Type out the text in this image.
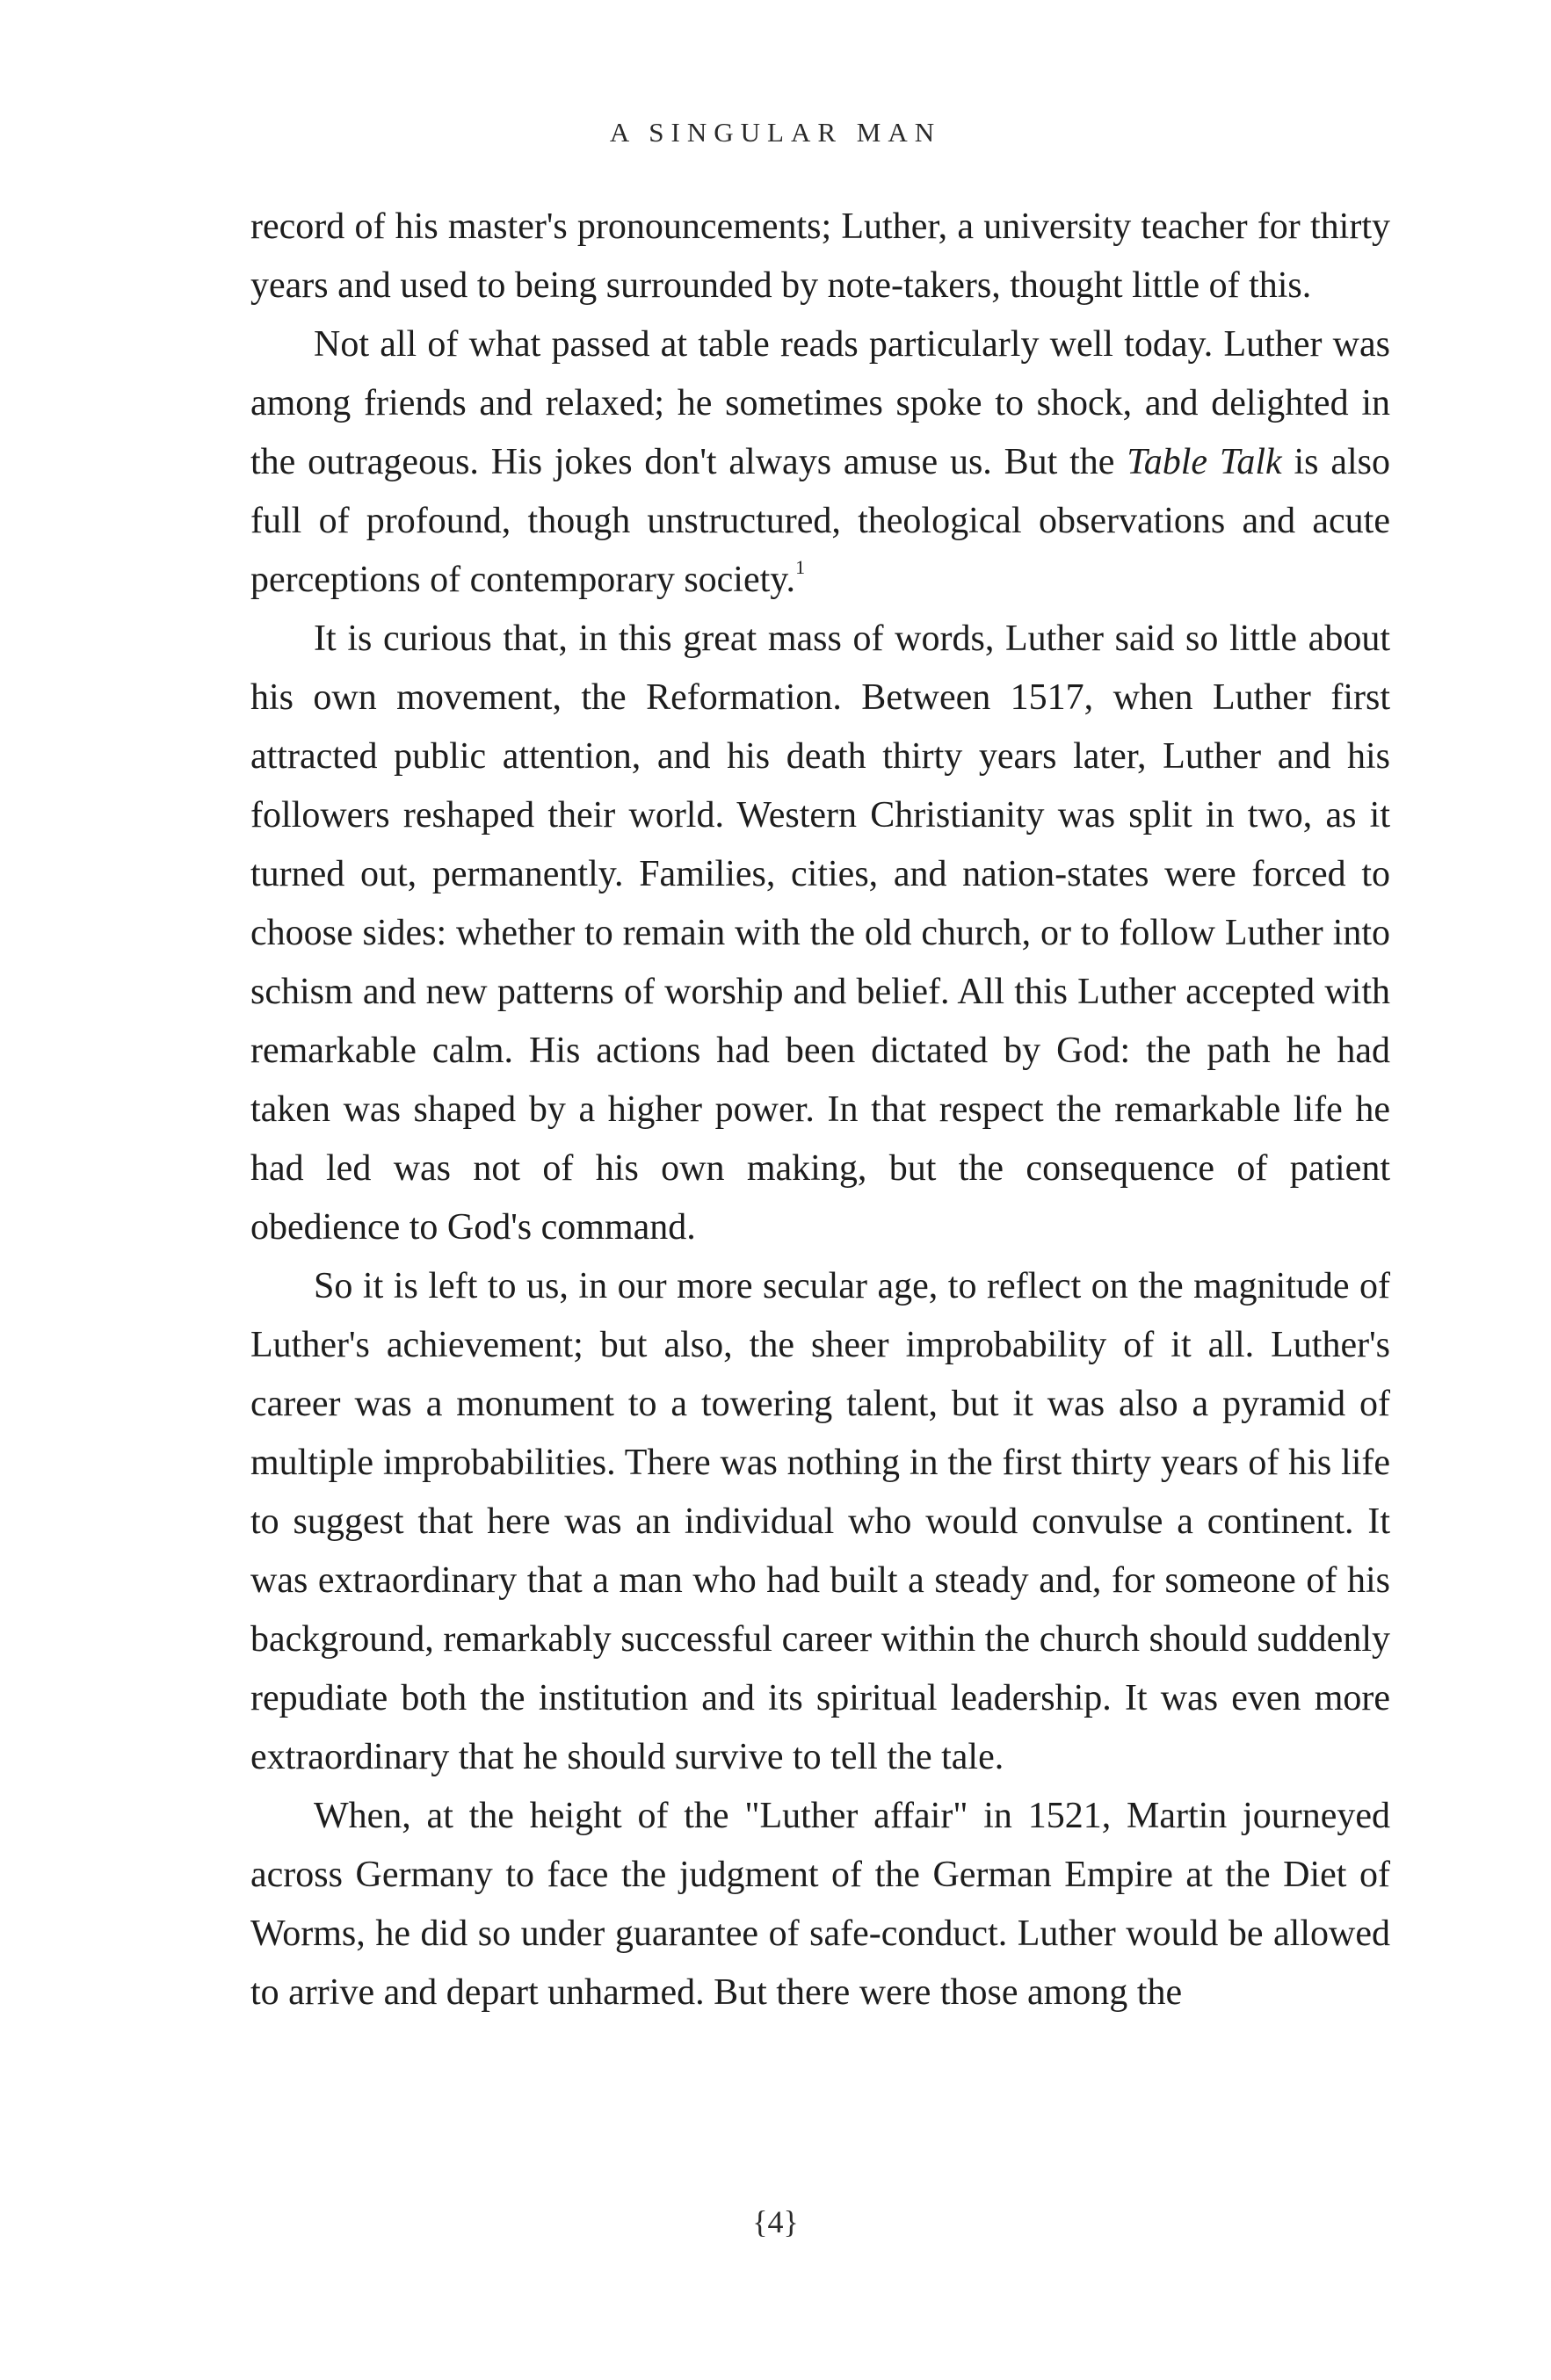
A SINGULAR MAN

record of his master's pronouncements; Luther, a university teacher for thirty years and used to being surrounded by note-takers, thought little of this.

Not all of what passed at table reads particularly well today. Luther was among friends and relaxed; he sometimes spoke to shock, and delighted in the outrageous. His jokes don't always amuse us. But the Table Talk is also full of profound, though unstructured, theological observations and acute perceptions of contemporary society.$^1$

It is curious that, in this great mass of words, Luther said so little about his own movement, the Reformation. Between 1517, when Luther first attracted public attention, and his death thirty years later, Luther and his followers reshaped their world. Western Christianity was split in two, as it turned out, permanently. Families, cities, and nation-states were forced to choose sides: whether to remain with the old church, or to follow Luther into schism and new patterns of worship and belief. All this Luther accepted with remarkable calm. His actions had been dictated by God: the path he had taken was shaped by a higher power. In that respect the remarkable life he had led was not of his own making, but the consequence of patient obedience to God's command.

So it is left to us, in our more secular age, to reflect on the magnitude of Luther's achievement; but also, the sheer improbability of it all. Luther's career was a monument to a towering talent, but it was also a pyramid of multiple improbabilities. There was nothing in the first thirty years of his life to suggest that here was an individual who would convulse a continent. It was extraordinary that a man who had built a steady and, for someone of his background, remarkably successful career within the church should suddenly repudiate both the institution and its spiritual leadership. It was even more extraordinary that he should survive to tell the tale.

When, at the height of the "Luther affair" in 1521, Martin journeyed across Germany to face the judgment of the German Empire at the Diet of Worms, he did so under guarantee of safe-conduct. Luther would be allowed to arrive and depart unharmed. But there were those among the

{4}
